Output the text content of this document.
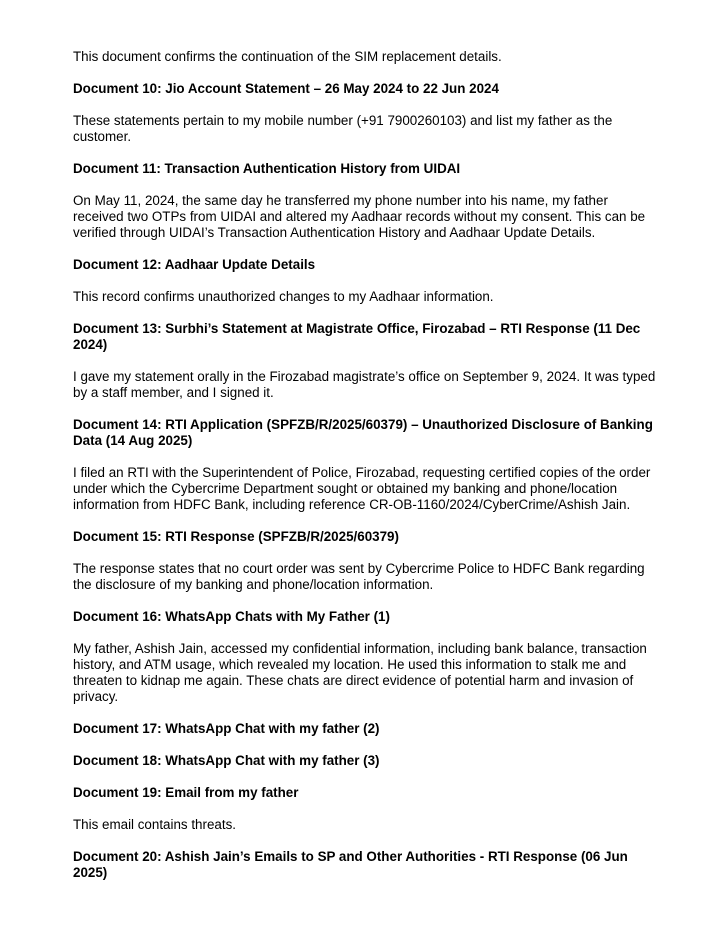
This document confirms the continuation of the SIM replacement details.

Document 10: Jio Account Statement – 26 May 2024 to 22 Jun 2024

These statements pertain to my mobile number (+91 7900260103) and list my father as the customer.

Document 11: Transaction Authentication History from UIDAI

On May 11, 2024, the same day he transferred my phone number into his name, my father received two OTPs from UIDAI and altered my Aadhaar records without my consent. This can be verified through UIDAI’s Transaction Authentication History and Aadhaar Update Details.

Document 12: Aadhaar Update Details

This record confirms unauthorized changes to my Aadhaar information.

Document 13: Surbhi’s Statement at Magistrate Office, Firozabad – RTI Response (11 Dec 2024)

I gave my statement orally in the Firozabad magistrate’s office on September 9, 2024. It was typed by a staff member, and I signed it.

Document 14: RTI Application (SPFZB/R/2025/60379) – Unauthorized Disclosure of Banking Data (14 Aug 2025)

I filed an RTI with the Superintendent of Police, Firozabad, requesting certified copies of the order under which the Cybercrime Department sought or obtained my banking and phone/location information from HDFC Bank, including reference CR-OB-1160/2024/CyberCrime/Ashish Jain.

Document 15: RTI Response (SPFZB/R/2025/60379)

The response states that no court order was sent by Cybercrime Police to HDFC Bank regarding the disclosure of my banking and phone/location information.

Document 16: WhatsApp Chats with My Father (1)

My father, Ashish Jain, accessed my confidential information, including bank balance, transaction history, and ATM usage, which revealed my location. He used this information to stalk me and threaten to kidnap me again. These chats are direct evidence of potential harm and invasion of privacy.

Document 17: WhatsApp Chat with my father (2)

Document 18: WhatsApp Chat with my father (3)

Document 19: Email from my father

This email contains threats.

Document 20: Ashish Jain’s Emails to SP and Other Authorities - RTI Response (06 Jun 2025)
